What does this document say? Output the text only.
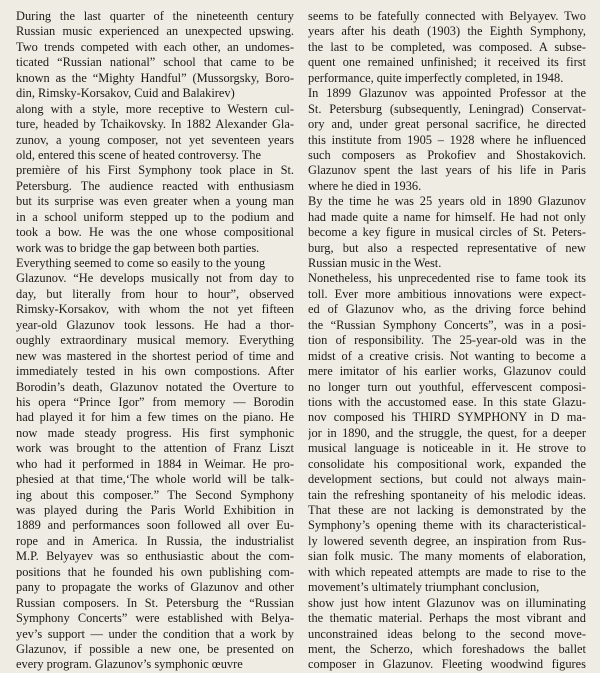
During the last quarter of the nineteenth century
Russian music experienced an unexpected upswing.
Two trends competed with each other, an undomes-
ticated “Russian national” school that came to be
known as the “Mighty Handful” (Mussorgsky, Boro-
din, Rimsky-Korsakov, Cuid and Balakirev)
along with a style, more receptive to Western cul-
ture, headed by Tchaikovsky. In 1882 Alexander Gla-
zunov, a young composer, not yet seventeen years
old, entered this scene of heated controversy. The
première of his First Symphony took place in St.
Petersburg. The audience reacted with enthusiasm
but its surprise was even greater when a young man
in a school uniform stepped up to the podium and
took a bow. He was the one whose compositional
work was to bridge the gap between both parties.
Everything seemed to come so easily to the young
Glazunov. “He develops musically not from day to
day, but literally from hour to hour”, observed
Rimsky-Korsakov, with whom the not yet fifteen
year-old Glazunov took lessons. He had a thor-
oughly extraordinary musical memory. Everything
new was mastered in the shortest period of time and
immediately tested in his own compostions. After
Borodin’s death, Glazunov notated the Overture to
his opera “Prince Igor” from memory — Borodin
had played it for him a few times on the piano. He
now made steady progress. His first symphonic
work was brought to the attention of Franz Liszt
who had it performed in 1884 in Weimar. He pro-
phesied at that time,‘The whole world will be talk-
ing about this composer.” The Second Symphony
was played during the Paris World Exhibition in
1889 and performances soon followed all over Eu-
rope and in America. In Russia, the industrialist
M.P. Belyayev was so enthusiastic about the com-
positions that he founded his own publishing com-
pany to propagate the works of Glazunov and other
Russian composers. In St. Petersburg the “Russian
Symphony Concerts” were established with Belya-
yev’s support — under the condition that a work by
Glazunov, if possible a new one, be presented on
every program. Glazunov’s symphonic œuvre
seems to be fatefully connected with Belyayev. Two
years after his death (1903) the Eighth Symphony,
the last to be completed, was composed. A subse-
quent one remained unfinished; it received its first
performance, quite imperfectly completed, in 1948.
In 1899 Glazunov was appointed Professor at the
St. Petersburg (subsequently, Leningrad) Conservat-
ory and, under great personal sacrifice, he directed
this institute from 1905 – 1928 where he influenced
such composers as Prokofiev and Shostakovich.
Glazunov spent the last years of his life in Paris
where he died in 1936.
By the time he was 25 years old in 1890 Glazunov
had made quite a name for himself. He had not only
become a key figure in musical circles of St. Peters-
burg, but also a respected representative of new
Russian music in the West.
Nonetheless, his unprecedented rise to fame took its
toll. Ever more ambitious innovations were expect-
ed of Glazunov who, as the driving force behind
the “Russian Symphony Concerts”, was in a posi-
tion of responsibility. The 25-year-old was in the
midst of a creative crisis. Not wanting to become a
mere imitator of his earlier works, Glazunov could
no longer turn out youthful, effervescent composi-
tions with the accustomed ease. In this state Glazu-
nov composed his THIRD SYMPHONY in D ma-
jor in 1890, and the struggle, the quest, for a deeper
musical language is noticeable in it. He strove to
consolidate his compositional work, expanded the
development sections, but could not always main-
tain the refreshing spontaneity of his melodic ideas.
That these are not lacking is demonstrated by the
Symphony’s opening theme with its characteristical-
ly lowered seventh degree, an inspiration from Rus-
sian folk music. The many moments of elaboration,
with which repeated attempts are made to rise to the
movement’s ultimately triumphant conclusion,
show just how intent Glazunov was on illuminating
the thematic material. Perhaps the most vibrant and
unconstrained ideas belong to the second move-
ment, the Scherzo, which foreshadows the ballet
composer in Glazunov. Fleeting woodwind figures
